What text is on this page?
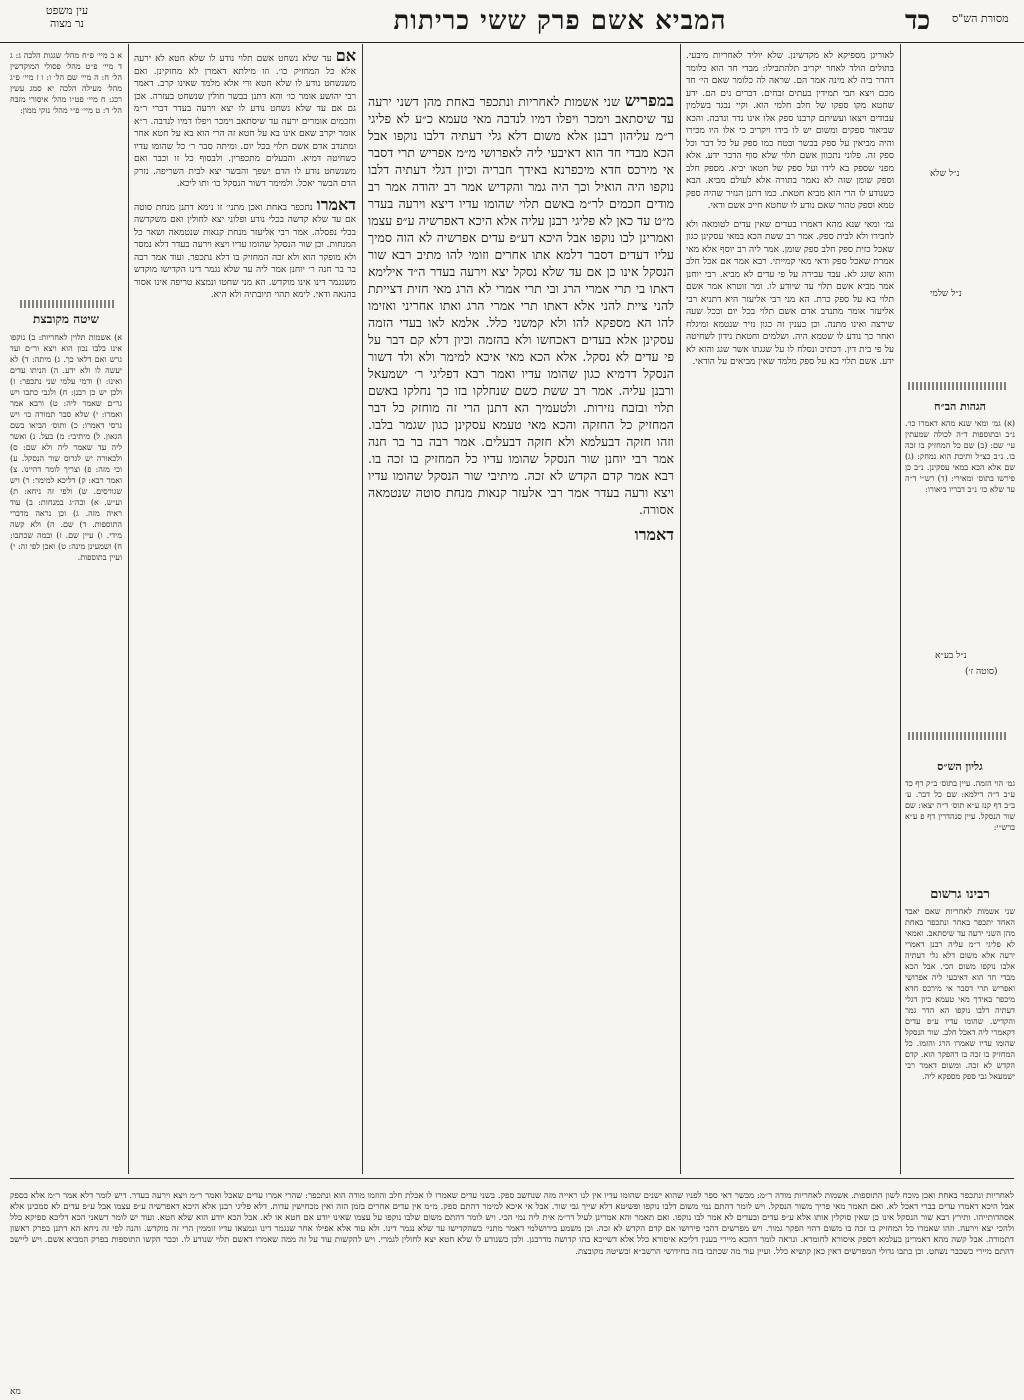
עין משפט
נר מצוה	המביא אשם פרק ששי כריתות	כד מסורת הש"ס

א ב מיי׳ פ״ח מהל׳ שגגות הלכה ג: ג ד מיי׳ פ״ט מהל׳ פסולי המוקדשין הל׳ ח: ה מיי׳ שם הל׳ ו: ו ז מיי׳ פ״ג מהל׳ מעילה הלכה יא סמג עשין רכג: ח מיי׳ פט״ו מהל׳ איסורי מזבח הל׳ ד: ט מיי׳ פ״י מהל׳ נזקי ממון:

שיטה מקובצת

א) אשמות תלוין לאחריות: ב) נוקפו אינו בלבו נכון הוא ויצא ור״ם ועד גרש ואם דלאו כך. ג) מיתה: ד) לא יעשה לו ולא ידע. ה) הניתו עדים ואינו: ו) ודמי עלמי שני נתכפר: ז) ולכן יש כן רבנן: ח) ולגבי כתבו ויש גר״ם שאמר ליה: ט) ורבא אמר ואמרו: י) שלא סבר תמורה כו׳ ויש גרסי דאמרו: כ) ותוס׳ הביאו בשם הגאון. ל) מיתיבי: מ) בעל. נ) ואשר ליה עד שאמר ליה ולא שם: ס) ולכאורה יש לגרוס שור הנסקל. ע) וכי מזה: פ) וצריך לומר דהיינו. צ) ואמר רבא: ק) דליכא למימר: ר) ויש שגורסים. ש) ולפי זה ניחא: ת) וע״ש. א) וכה״ג במנחות: ב) עוד ראיה מזה. ג) וכן נראה מדברי התוספות. ד) שם. ה) ולא קשה מידי. ו) עיין שם. ז) ובמה שכתבו: ח) ושמעינן מינה: ט) ואכן לפי זה: י) ועיין בתוספות.

אם עד שלא נשחט אשם תלוי נודע לו שלא חטא לא ירעה אלא כל המחזיק כו׳. וזו מילתא דאמרן לא מחזקינן. ואם משנשחט נודע לו שלא חטא ורי אלא מלמד שאינו קרב. דאמר רבי יהושע אומר כו׳ והא דתנן בבשר חולין שנשחט בעזרה. אכן גם אם עד שלא נשחט נודע לו יצא וירעה בעדר דברי ר״מ וחכמים אומרים ירעה עד שיסתאב וימכר ויפלו דמיו לנדבה. ר״א אומר יקרב שאם אינו בא על חטא זה הרי הוא בא על חטא אחר ומתנדב אדם אשם תלוי בכל יום. ומיתה סבר ר׳ כל שהומו עדיו כשחיטה דמיא. והבעלים מתכפרין. ולבסוף כל זו וכבר ואם משנשחט נודע לו הדם ישפך והבשר יצא לבית השריפה. נזרק הדם הבשר יאכל. ולמימר דשור הנסקל כו׳ ותו ליכא.

דאמרו נתכפר באחת ואכן מתני׳ זו נימא דתנן מנחת סוטה אם עד שלא קדשה בכלי נודע ופלוני יצא לחולין ואם משקדשה בכלי נפסלה. אמר רבי אליעזר מנחת קנאות שנטמאה ושאר כל המנחות. וכן שור הנסקל שהומו עדיו ויצא וירעה בעדר דלא נמסר ולא מופקר הוא ולא זכה המחזיק בו דלא נתכפר. ועוד אמר רבה בר בר חנה ר׳ יוחנן אמר ליה עד שלא נגמר דינו הקדישו מוקדש משנגמר דינו אינו מוקדש. הא מני שחטו ונמצא טריפה אינו אסור בהנאה ודאי. לימא תהוי תיובתיה ולא היא.

במפריש שני אשמות לאחריות ונתכפר באחת מהן דשני ירעה עד שיסתאב וימכר ויפלו דמיו לנדבה מאי טעמא כ״ע לא פליגי ר״מ עליהון רבנן אלא משום דלא גלי דעתיה דלבו נוקפו אבל הכא מבדי חד הוא דאיבעי ליה לאפרושי מ״מ אפריש תרי דסבר אי מירכס חדא מיכפרנא באידך חבריה וכיון דגלי דעתיה דלבו נוקפו היה הואיל וכך היה גמר והקדיש אמר רב יהודה אמר רב מודים חכמים לר״מ באשם תלוי שהומו עדיו דיצא וירעה בעדר מ״ט עד כאן לא פליגי רבנן עליה אלא היכא דאפרשיה ע״פ עצמו ואמרינן לבו נוקפו אבל היכא דע״פ עדים אפרשיה לא הוה סמיך עליו דעדים דסבר דלמא אתו אחרים וזומי להו מתיב רבא שור הנסקל אינו כן אם עד שלא נסקל יצא וירעה בעדר ה״ד אילימא דאתו בי תרי אמרי הרג ובי תרי אמרי לא הרג מאי חזית דצייתת להני ציית להני אלא דאתו תרי אמרי הרג ואתו אחריני ואזימו להו הא מספקא להו ולא קמשני כלל. אלמא לאו בעדי הזמה עסקינן אלא בעדים דאכחשו ולא בהזמה וכיון דלא קם דבר על פי עדים לא נסקל. אלא הכא מאי איכא למימר ולא ולד דשור הנסקל דדמיא כגון שהומו עדיו ואמר רבא דפליגי ר׳ ישמעאל ורבנן עליה. אמר רב ששת כשם שנחלקו בזו כך נחלקו באשם תלוי ובזבח נזירות. ולטעמיך הא דתנן הרי זה מוחזק כל דבר המחזיק כל החזקה והכא מאי טעמא עסקינן כגון שגמר בלבו. וזהו חזקה דבעלמא ולא חזקה דבעלים. אמר רבה בר בר חנה אמר רבי יוחנן שור הנסקל שהומו עדיו כל המחזיק בו זכה בו. רבא אמר קדם הקדש לא זכה. מיתיבי שור הנסקל שהומו עדיו ויצא ורעה בעדר אמר רבי אלעזר קנאות מנחת סוטה שנטמאה אסורה.

דאמרו

לאוריגן מספיקא לא מקדשינן. שלא יוליד לאחריות מיבעי. בתולים הולד לאחר יקריב תלהתבילו: מבדי חד הוא כלומר דהדר ביה לא מינה אמר הם. שראה לה כלומר שאם הי׳ חד מכם ויצא תבי תמידין בעתים זבחים. דברים נים הם. ידע שחטא מקו ספקו של חלב חלמי הוא. וקיי נבגד בשלמין עבודים ויצאו ועשיתם קרבנו ספק אלו אינו נדר ונדבה. והכא שביאור ספקים ומשום יש לו בידו ויקריב כי אלו היו מכירו והיה מביאין על ספק בכשר ובטח כמו ספק על כל דבר וכל ספק זה. פלוני נתכוון אשם תלוי שלא סוף הדבר ידע. אלא מפני שספק בא לידו ועל ספק של חטאו יביא. מספק חלב וספק שומן שזה לא נאמר בתורה אלא לעולם מביא. הבא כשנודע לו הרי הוא מביא חטאת. כמו דתנן הנזיר שהיה ספק טמא וספק טהור שאם נודע לו שחטא חייב אשם ודאי.

גמ׳ ומאי שנא מהא דאמרו בעדים שאין עדים לטומאה ולא לחבירו ולא לבית ספק. אמר רב ששת הכא במאי עסקינן כגון שאכל כזית ספק חלב ספק שומן. אמר ליה רב יוסף אלא מאי אמרת שאכל ספק ודאי מאי קמייתי. רבא אמר אם אכל חלב והוא שוגג לא. עבד עבירה על פי עדים לא מביא. רבי יוחנן אמר מביא אשם תלוי עד שיודע לו. ומר זוטרא אמר אשם תלוי בא על ספק כרת. הא מני רבי אליעזר היא דתניא רבי אליעזר אומר מתנדב אדם אשם תלוי בכל יום ובכל שעה שירצה ואינו מתנה. וכן בענין זה כגון נזיר שנטמא ומיגלח ואחר כך נודע לו שטמא היה. ושלמים וחטאת נידון לשחיטה על פי בית דין. דכתיב ונסלח לו על שגגתו אשר שגג והוא לא ידע. אשם תלוי בא על ספק מלמד שאין מביאים על הודאי.

נ״ל שלא
נ״ל שלמי
הגהות הב״ח

(א) גמ׳ ומאי שנא מהא דאמרו כו׳. נ״ב ובתוספות ד״ה לכולה שמעתין עי׳ שם: (ב) שם כל המחזיק בו זכה בו. נ״ב כצ״ל ותיבת הוא נמחק: (ג) שם אלא הכא במאי עסקינן. נ״ב כן פירשו בתוס׳ ומאירי: (ד) רש״י ד״ה עד שלא כו׳ נ״ב דבריו ביאורו:

נ״ל בע״א
(סוטה ז׳)
גליון הש״ס

גמ׳ הוי הזמה. עיין בתוס׳ ב״ק דף כד ע״ב ד״ה דילמא: שם כל דבר. ע׳ ב״ב דף קנז ע״א תוס׳ ד״ה יצאו: שם שור הנסקל. עיין סנהדרין דף פ ע״א ברש״י:

רבינו גרשום

שני אשמות לאחריות שאם יאבד האחד יתכפר באחר ונתכפר באחת מהן השני ירעה עד שיסתאב. ואמאי לא פליגי ר״מ עליה רבנן דאמרי ירעה אלא משום דלא גלי דעתיה אלבו נוקפו משום הכי. אבל הכא מבדי חד הוא דאיבעי ליה אפרושי ואפריש תרי דסבר אי מירכס חדא מיכפר באידך מאי טעמא כיון דגלי דעתיה דלבו נוקפו הא הדר גמר והקדיש. שהומו עדיו ע״פ עדים דקאמרי ליה דאכל חלב. שור הנסקל שהומו עדיו שאמרו הרג והזמו. כל המחזיק בו זכה בו דהפקר הוא. קדם הקדש לא זכה. ומשום דאמר רבי ישמעאל גבי ספק מספקא ליה.

לאחריות ונתכפר באחת ואכן מוכח לשון התוספות. אשמות לאחריות מודה ר״מ: מכשר דאי ספר לפניו שהוא ישנים שהומו עדיו אין לנו ראייה מזה שנחשב ספק. בשני עדים שאמרו לו אכלת חלב והוזמו מודה הוא ונתכפר: שהרי אמרו עדים שאכל ואמר ר״מ ויצא וירעה בעדר. דיש לומר דלא אמר ר״מ אלא בספק אבל היכא דאמרו עדים בברי דאכל לא. ואם תאמר מאי פריך משור הנסקל. ויש לומר דהתם נמי משום דלבו נוקפו ופשיטא דלא שייך גבי שור. אבל אי איכא למימר דהתם ספק. מ״מ אין עדים אחרים בזמן הזה ואין מכחישין עדות. דלא פליגי רבנן אלא היכא דאפרשיה ע״פ עצמו אבל ע״פ עדים לא סמכינן אלא אסהדותייהו. ותירץ רבא שור הנסקל אינו כן שאין סוקלין אותו אלא ע״פ עדים ובעדים לא אמר לבו נוקפו. ואם תאמר והא אמרינן לעיל דר״מ אית ליה נמי הכי. ויש לומר דהתם משום שלבו נוקפו על עצמו שאינו יודע אם חטא או לא. אבל הכא יודע הוא שלא חטא. ועוד יש לומר דשאני הכא דליכא ספיקא כלל ולהכי יצא וירעה. וזהו שאמרו כל המחזיק בו זכה בו משום דהוי הפקר גמור. ויש מפרשים דהכי פירושו אם קדם הקדש לא זכה. וכן משמע בירושלמי דאמר מתני׳ כשהקדישו עד שלא נגמר דינו. ולא עוד אלא אפילו אחר שנגמר דינו ונמצאו עדיו זוממין הרי זה מוקדש. והנה לפי זה ניחא הא דתנן בפרק ראשון דתמורה. אבל קשה מהא דאמרינן בעלמא דספק איסורא לחומרא. ונראה לומר דהכא מיירי בענין דליכא איסורא כלל אלא דשייכא בהו קדושה מדרבנן. ולכן כשנודע לו שלא חטא יצא לחולין לגמרי. ויש להקשות עוד על זה ממה שאמרו דאשם תלוי שנודע לו. וכבר הקשו התוספות בפרק המביא אשם. ויש ליישב דהתם מיירי כשכבר נשחט. וכן כתבו גדולי המפרשים דאין כאן קושיא כלל. ועיין עוד מה שכתבו בזה בחידושי הרשב״א ובשיטה מקובצת.

מא
